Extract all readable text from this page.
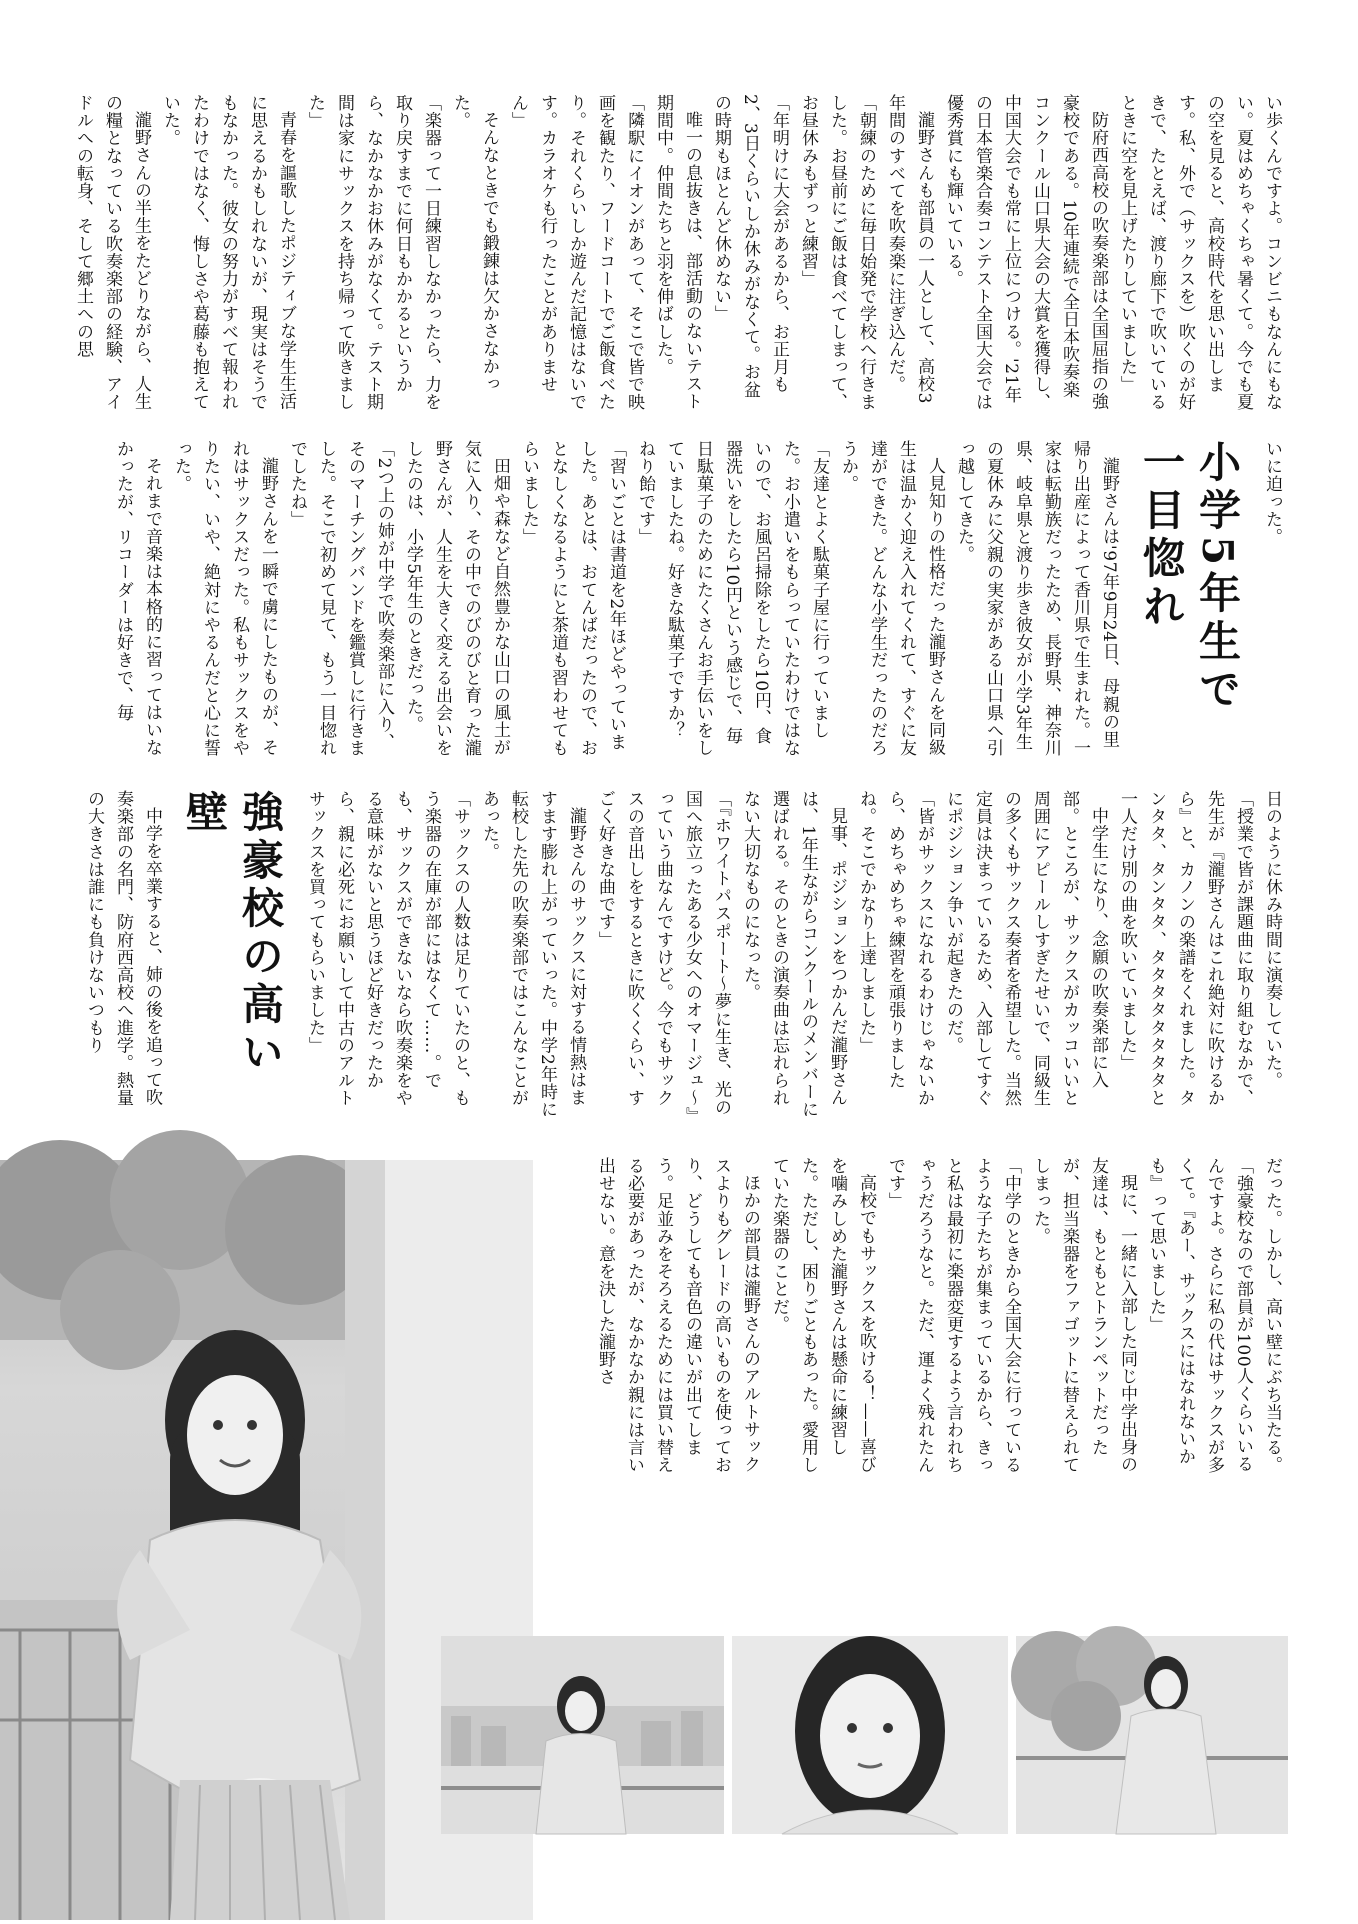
い歩くんですよ。コンビニもなんにもない。夏はめちゃくちゃ暑くて。今でも夏の空を見ると、高校時代を思い出します。私、外で（サックスを）吹くのが好きで、たとえば、渡り廊下で吹いているときに空を見上げたりしていました」

防府西高校の吹奏楽部は全国屈指の強豪校である。10年連続で全日本吹奏楽コンクール山口県大会の大賞を獲得し、中国大会でも常に上位につける。'21年の日本管楽合奏コンテスト全国大会では優秀賞にも輝いている。

瀧野さんも部員の一人として、高校3年間のすべてを吹奏楽に注ぎ込んだ。

「朝練のために毎日始発で学校へ行きました。お昼前にご飯は食べてしまって、お昼休みもずっと練習」

「年明けに大会があるから、お正月も2、3日くらいしか休みがなくて。お盆の時期もほとんど休めない」

唯一の息抜きは、部活動のないテスト期間中。仲間たちと羽を伸ばした。

「隣駅にイオンがあって、そこで皆で映画を観たり、フードコートでご飯食べたり。それくらいしか遊んだ記憶はないです。カラオケも行ったことがありません」

そんなときでも鍛錬は欠かさなかった。

「楽器って一日練習しなかったら、力を取り戻すまでに何日もかかるというから、なかなかお休みがなくて。テスト期間は家にサックスを持ち帰って吹きました」

青春を謳歌したポジティブな学生生活に思えるかもしれないが、現実はそうでもなかった。彼女の努力がすべて報われたわけではなく、悔しさや葛藤も抱えていた。

瀧野さんの半生をたどりながら、人生の糧となっている吹奏楽部の経験、アイドルへの転身、そして郷土への思

いに迫った。

小学5年生で一目惚れ

瀧野さんは'97年9月24日、母親の里帰り出産によって香川県で生まれた。一家は転勤族だったため、長野県、神奈川県、岐阜県と渡り歩き彼女が小学3年生の夏休みに父親の実家がある山口県へ引っ越してきた。

人見知りの性格だった瀧野さんを同級生は温かく迎え入れてくれて、すぐに友達ができた。どんな小学生だったのだろうか。

「友達とよく駄菓子屋に行っていました。お小遣いをもらっていたわけではないので、お風呂掃除をしたら10円、食器洗いをしたら10円という感じで、毎日駄菓子のためにたくさんお手伝いをしていましたね。好きな駄菓子ですか？　ねり飴です」

「習いごとは書道を2年ほどやっていました。あとは、おてんばだったので、おとなしくなるようにと茶道も習わせてもらいました」

田畑や森など自然豊かな山口の風土が気に入り、その中でのびのびと育った瀧野さんが、人生を大きく変える出会いをしたのは、小学5年生のときだった。

「2つ上の姉が中学で吹奏楽部に入り、そのマーチングバンドを鑑賞しに行きました。そこで初めて見て、もう一目惚れでしたね」

瀧野さんを一瞬で虜にしたものが、それはサックスだった。私もサックスをやりたい、いや、絶対にやるんだと心に誓った。

それまで音楽は本格的に習ってはいなかったが、リコーダーは好きで、毎

日のように休み時間に演奏していた。

「授業で皆が課題曲に取り組むなかで、先生が『瀧野さんはこれ絶対に吹けるから』と、カノンの楽譜をくれました。タンタタ、タンタタ、タタタタタタタタと一人だけ別の曲を吹いていました」

中学生になり、念願の吹奏楽部に入部。ところが、サックスがカッコいいと周囲にアピールしすぎたせいで、同級生の多くもサックス奏者を希望した。当然定員は決まっているため、入部してすぐにポジション争いが起きたのだ。

「皆がサックスになれるわけじゃないから、めちゃめちゃ練習を頑張りましたね。そこでかなり上達しました」

見事、ポジションをつかんだ瀧野さんは、1年生ながらコンクールのメンバーに選ばれる。そのときの演奏曲は忘れられない大切なものになった。

「『ホワイトパスポート〜夢に生き、光の国へ旅立ったある少女へのオマージュ〜』っていう曲なんですけど。今でもサックスの音出しをするときに吹くくらい、すごく好きな曲です」

瀧野さんのサックスに対する情熱はますます膨れ上がっていった。中学2年時に転校した先の吹奏楽部ではこんなことがあった。

「サックスの人数は足りていたのと、もう楽器の在庫が部にはなくて……。でも、サックスができないなら吹奏楽をやる意味がないと思うほど好きだったから、親に必死にお願いして中古のアルトサックスを買ってもらいました」

強豪校の高い壁

中学を卒業すると、姉の後を追って吹奏楽部の名門、防府西高校へ進学。熱量の大きさは誰にも負けないつもり

だった。しかし、高い壁にぶち当たる。

「強豪校なので部員が100人くらいいるんですよ。さらに私の代はサックスが多くて。『あー、サックスにはなれないかも』って思いました」

現に、一緒に入部した同じ中学出身の友達は、もともとトランペットだったが、担当楽器をファゴットに替えられてしまった。

「中学のときから全国大会に行っているような子たちが集まっているから、きっと私は最初に楽器変更するよう言われちゃうだろうなと。ただ、運よく残れたんです」

高校でもサックスを吹ける！——喜びを噛みしめた瀧野さんは懸命に練習した。ただし、困りごともあった。愛用していた楽器のことだ。

ほかの部員は瀧野さんのアルトサックスよりもグレードの高いものを使っており、どうしても音色の違いが出てしまう。足並みをそろえるためには買い替える必要があったが、なかなか親には言い出せない。意を決した瀧野さ
